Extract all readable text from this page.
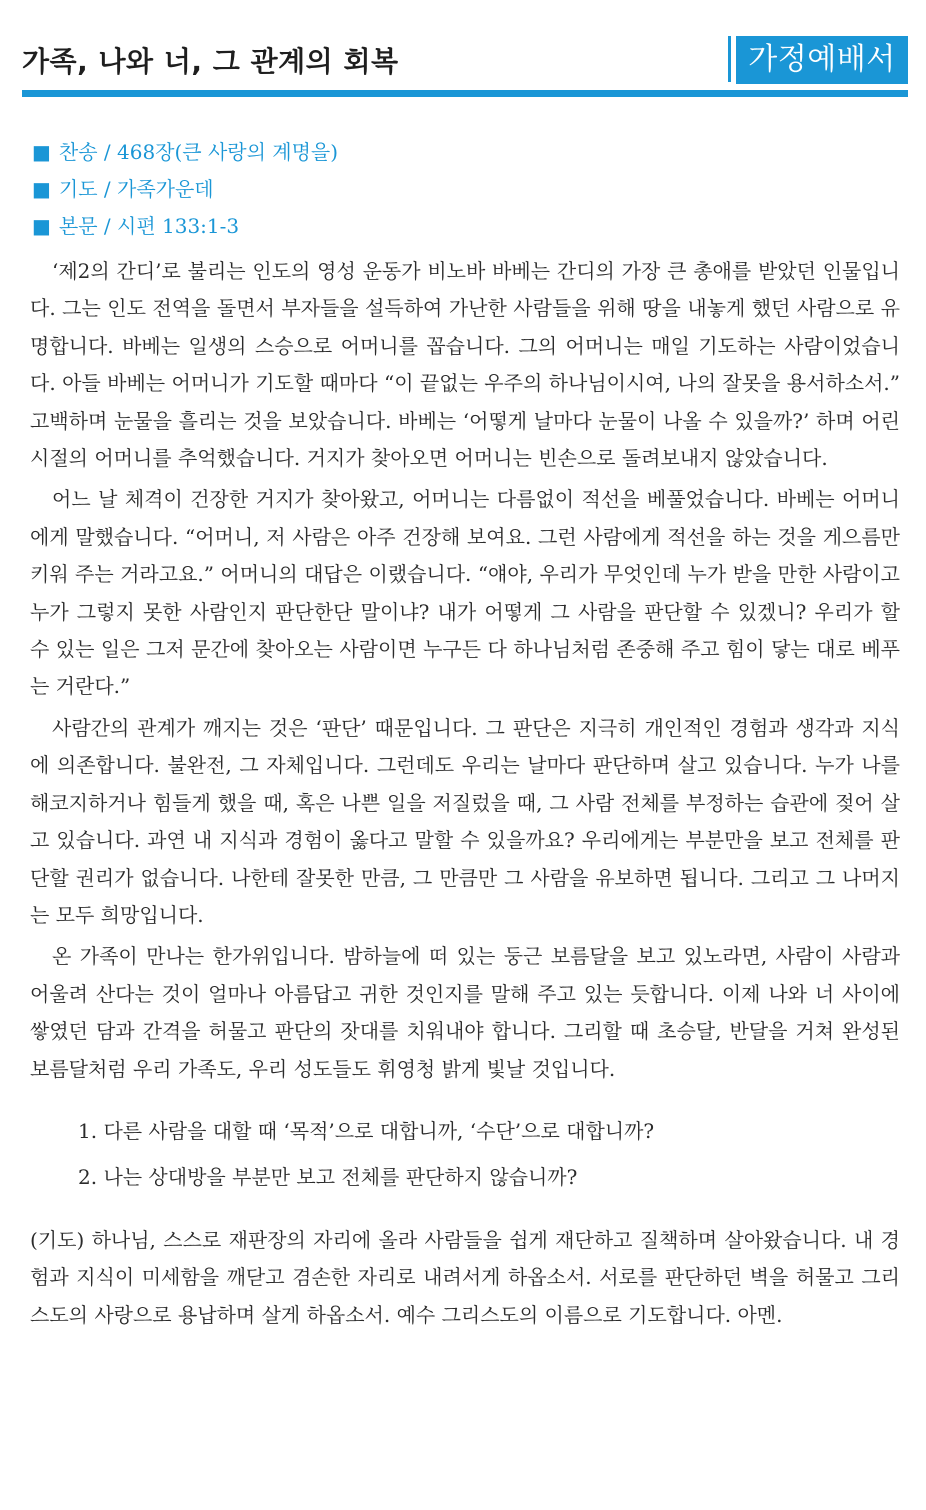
가족, 나와 너, 그 관계의 회복	가정예배서
■ 찬송 / 468장(큰 사랑의 계명을)
■ 기도 / 가족가운데
■ 본문 / 시편 133:1-3

‘제2의 간디’로 불리는 인도의 영성 운동가 비노바 바베는 간디의 가장 큰 총애를 받았던 인물입니다. 그는 인도 전역을 돌면서 부자들을 설득하여 가난한 사람들을 위해 땅을 내놓게 했던 사람으로 유명합니다. 바베는 일생의 스승으로 어머니를 꼽습니다. 그의 어머니는 매일 기도하는 사람이었습니다. 아들 바베는 어머니가 기도할 때마다 “이 끝없는 우주의 하나님이시여, 나의 잘못을 용서하소서.” 고백하며 눈물을 흘리는 것을 보았습니다. 바베는 ‘어떻게 날마다 눈물이 나올 수 있을까?’ 하며 어린 시절의 어머니를 추억했습니다. 거지가 찾아오면 어머니는 빈손으로 돌려보내지 않았습니다.

어느 날 체격이 건장한 거지가 찾아왔고, 어머니는 다름없이 적선을 베풀었습니다. 바베는 어머니에게 말했습니다. “어머니, 저 사람은 아주 건장해 보여요. 그런 사람에게 적선을 하는 것을 게으름만 키워 주는 거라고요.” 어머니의 대답은 이랬습니다. “얘야, 우리가 무엇인데 누가 받을 만한 사람이고 누가 그렇지 못한 사람인지 판단한단 말이냐? 내가 어떻게 그 사람을 판단할 수 있겠니? 우리가 할 수 있는 일은 그저 문간에 찾아오는 사람이면 누구든 다 하나님처럼 존중해 주고 힘이 닿는 대로 베푸는 거란다.”

사람간의 관계가 깨지는 것은 ‘판단’ 때문입니다. 그 판단은 지극히 개인적인 경험과 생각과 지식에 의존합니다. 불완전, 그 자체입니다. 그런데도 우리는 날마다 판단하며 살고 있습니다. 누가 나를 해코지하거나 힘들게 했을 때, 혹은 나쁜 일을 저질렀을 때, 그 사람 전체를 부정하는 습관에 젖어 살고 있습니다. 과연 내 지식과 경험이 옳다고 말할 수 있을까요? 우리에게는 부분만을 보고 전체를 판단할 권리가 없습니다. 나한테 잘못한 만큼, 그 만큼만 그 사람을 유보하면 됩니다. 그리고 그 나머지는 모두 희망입니다.

온 가족이 만나는 한가위입니다. 밤하늘에 떠 있는 둥근 보름달을 보고 있노라면, 사람이 사람과 어울려 산다는 것이 얼마나 아름답고 귀한 것인지를 말해 주고 있는 듯합니다. 이제 나와 너 사이에 쌓였던 담과 간격을 허물고 판단의 잣대를 치워내야 합니다. 그리할 때 초승달, 반달을 거쳐 완성된 보름달처럼 우리 가족도, 우리 성도들도 휘영청 밝게 빛날 것입니다.

1. 다른 사람을 대할 때 ‘목적’으로 대합니까, ‘수단’으로 대합니까?
2. 나는 상대방을 부분만 보고 전체를 판단하지 않습니까?

(기도) 하나님, 스스로 재판장의 자리에 올라 사람들을 쉽게 재단하고 질책하며 살아왔습니다. 내 경험과 지식이 미세함을 깨닫고 겸손한 자리로 내려서게 하옵소서. 서로를 판단하던 벽을 허물고 그리스도의 사랑으로 용납하며 살게 하옵소서. 예수 그리스도의 이름으로 기도합니다. 아멘.
